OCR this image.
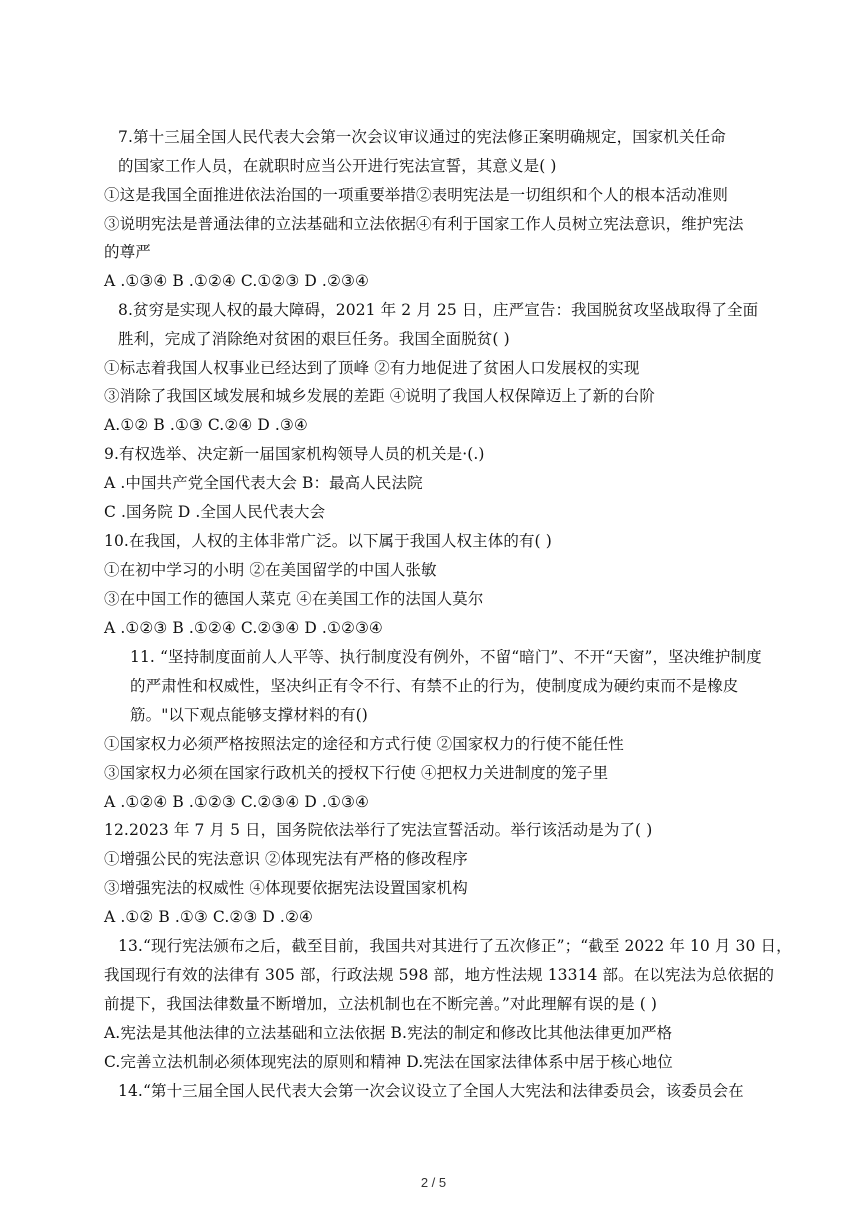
7.第十三届全国人民代表大会第一次会议审议通过的宪法修正案明确规定，国家机关任命
的国家工作人员，在就职时应当公开进行宪法宣誓，其意义是( )
①这是我国全面推进依法治国的一项重要举措②表明宪法是一切组织和个人的根本活动准则
③说明宪法是普通法律的立法基础和立法依据④有利于国家工作人员树立宪法意识，维护宪法
的尊严
A .①③④ B .①②④ C.①②③ D .②③④
8.贫穷是实现人权的最大障碍，2021 年 2 月 25 日，庄严宣告：我国脱贫攻坚战取得了全面
胜利，完成了消除绝对贫困的艰巨任务。我国全面脱贫( )
①标志着我国人权事业已经达到了顶峰 ②有力地促进了贫困人口发展权的实现
③消除了我国区域发展和城乡发展的差距 ④说明了我国人权保障迈上了新的台阶
A.①② B .①③ C.②④ D .③④
9.有权选举、决定新一届国家机构领导人员的机关是·(.)
A .中国共产党全国代表大会 B：最高人民法院
C .国务院 D .全国人民代表大会
10.在我国，人权的主体非常广泛。以下属于我国人权主体的有( )
①在初中学习的小明 ②在美国留学的中国人张敏
③在中国工作的德国人菜克 ④在美国工作的法国人莫尔
A .①②③ B .①②④ C.②③④ D .①②③④
11. “坚持制度面前人人平等、执行制度没有例外，不留“暗门”、不开“天窗”，坚决维护制度
的严肃性和权威性，坚决纠正有令不行、有禁不止的行为，使制度成为硬约束而不是橡皮
筋。"以下观点能够支撑材料的有()
①国家权力必须严格按照法定的途径和方式行使 ②国家权力的行使不能任性
③国家权力必须在国家行政机关的授权下行使 ④把权力关进制度的笼子里
A .①②④ B .①②③ C.②③④ D .①③④
12.2023 年 7 月 5 日，国务院依法举行了宪法宣誓活动。举行该活动是为了( )
①增强公民的宪法意识 ②体现宪法有严格的修改程序
③增强宪法的权威性 ④体现要依据宪法设置国家机构
A .①② B .①③ C.②③ D .②④
13.“现行宪法颁布之后，截至目前，我国共对其进行了五次修正”；“截至 2022 年 10 月 30 日，
我国现行有效的法律有 305 部，行政法规 598 部，地方性法规 13314 部。在以宪法为总依据的
前提下，我国法律数量不断增加，立法机制也在不断完善。”对此理解有误的是 ( )
A.宪法是其他法律的立法基础和立法依据 B.宪法的制定和修改比其他法律更加严格
C.完善立法机制必须体现宪法的原则和精神 D.宪法在国家法律体系中居于核心地位
14.“第十三届全国人民代表大会第一次会议设立了全国人大宪法和法律委员会，该委员会在
2 / 5
